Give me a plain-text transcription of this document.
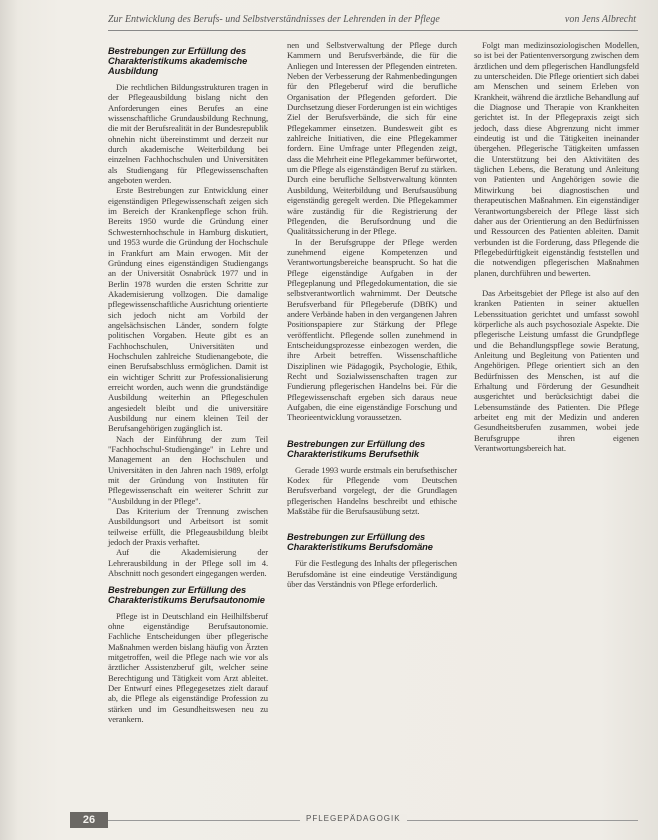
Zur Entwicklung des Berufs- und Selbstverständnisses der Lehrenden in der Pflege	von Jens Albrecht
Bestrebungen zur Erfüllung des Charakteristikums akademische Ausbildung

Die rechtlichen Bildungsstrukturen tragen in der Pflegeausbildung bislang nicht den Anforderungen eines Berufes an eine wissenschaftliche Grundausbildung Rechnung, die mit der Berufsrealität in der Bundesrepublik ohnehin nicht übereinstimmt und derzeit nur durch akademische Weiterbildung bei einzelnen Fachhochschulen und Universitäten als Studiengang für Pflegewissenschaften angeboten werden.

Erste Bestrebungen zur Entwicklung einer eigenständigen Pflegewissenschaft zeigen sich im Bereich der Krankenpflege schon früh. Bereits 1950 wurde die Gründung einer Schwesternhochschule in Hamburg diskutiert, und 1953 wurde die Gründung der Hochschule in Frankfurt am Main erwogen. Mit der Gründung eines eigenständigen Studiengangs an der Universität Osnabrück 1977 und in Berlin 1978 wurden die ersten Schritte zur Akademisierung vollzogen. Die damalige pflegewissenschaftliche Ausrichtung orientierte sich jedoch nicht am Vorbild der angelsächsischen Länder, sondern folgte politischen Vorgaben. Heute gibt es an Fachhochschulen, Universitäten und Hochschulen zahlreiche Studienangebote, die einen Berufsabschluss ermöglichen. Damit ist ein wichtiger Schritt zur Professionalisierung erreicht worden, auch wenn die grundständige Ausbildung weiterhin an Pflegeschulen angesiedelt bleibt und die universitäre Ausbildung nur einem kleinen Teil der Berufsangehörigen zugänglich ist.

Nach der Einführung der zum Teil "Fachhochschul-Studiengänge" in Lehre und Management an den Hochschulen und Universitäten in den Jahren nach 1989, erfolgt mit der Gründung von Instituten für Pflegewissenschaft ein weiterer Schritt zur "Ausbildung in der Pflege".

Das Kriterium der Trennung zwischen Ausbildungsort und Arbeitsort ist somit teilweise erfüllt, die Pflegeausbildung bleibt jedoch der Praxis verhaftet.

Auf die Akademisierung der Lehrerausbildung in der Pflege soll im 4. Abschnitt noch gesondert eingegangen werden.

Bestrebungen zur Erfüllung des Charakteristikums Berufsautonomie

Pflege ist in Deutschland ein Heilhilfsberuf ohne eigenständige Berufsautonomie. Fachliche Entscheidungen über pflegerische Maßnahmen werden bislang häufig von Ärzten mitgetroffen, weil die Pflege nach wie vor als ärztlicher Assistenzberuf gilt, welcher seine Berechtigung und Tätigkeit vom Arzt ableitet. Der Entwurf eines Pflegegesetzes zielt darauf ab, die Pflege als eigenständige Profession zu stärken und im Gesundheitswesen neu zu verankern.

nen und Selbstverwaltung der Pflege durch Kammern und Berufsverbände, die für die Anliegen und Interessen der Pflegenden eintreten. Neben der Verbesserung der Rahmenbedingungen für den Pflegeberuf wird die berufliche Organisation der Pflegenden gefordert. Die Durchsetzung dieser Forderungen ist ein wichtiges Ziel der Berufsverbände, die sich für eine Pflegekammer einsetzen. Bundesweit gibt es zahlreiche Initiativen, die eine Pflegekammer fordern. Eine Umfrage unter Pflegenden zeigt, dass die Mehrheit eine Pflegekammer befürwortet, um die Pflege als eigenständigen Beruf zu stärken. Durch eine berufliche Selbstverwaltung könnten Ausbildung, Weiterbildung und Berufsausübung eigenständig geregelt werden. Die Pflegekammer wäre zuständig für die Registrierung der Pflegenden, die Berufsordnung und die Qualitätssicherung in der Pflege.

In der Berufsgruppe der Pflege werden zunehmend eigene Kompetenzen und Verantwortungsbereiche beansprucht. So hat die Pflege eigenständige Aufgaben in der Pflegeplanung und Pflegedokumentation, die sie selbstverantwortlich wahrnimmt. Der Deutsche Berufsverband für Pflegeberufe (DBfK) und andere Verbände haben in den vergangenen Jahren Positionspapiere zur Stärkung der Pflege veröffentlicht. Pflegende sollen zunehmend in Entscheidungsprozesse einbezogen werden, die ihre Arbeit betreffen. Wissenschaftliche Disziplinen wie Pädagogik, Psychologie, Ethik, Recht und Sozialwissenschaften tragen zur Fundierung pflegerischen Handelns bei. Für die Pflegewissenschaft ergeben sich daraus neue Aufgaben, die eine eigenständige Forschung und Theorieentwicklung voraussetzen.

Bestrebungen zur Erfüllung des Charakteristikums Berufsethik

Gerade 1993 wurde erstmals ein berufsethischer Kodex für Pflegende vom Deutschen Berufsverband vorgelegt, der die Grundlagen pflegerischen Handelns beschreibt und ethische Maßstäbe für die Berufsausübung setzt.

Bestrebungen zur Erfüllung des Charakteristikums Berufsdomäne

Für die Festlegung des Inhalts der pflegerischen Berufsdomäne ist eine eindeutige Verständigung über das Verständnis von Pflege erforderlich.

Folgt man medizinsoziologischen Modellen, so ist bei der Patientenversorgung zwischen dem ärztlichen und dem pflegerischen Handlungsfeld zu unterscheiden. Die Pflege orientiert sich dabei am Menschen und seinem Erleben von Krankheit, während die ärztliche Behandlung auf die Diagnose und Therapie von Krankheiten gerichtet ist. In der Pflegepraxis zeigt sich jedoch, dass diese Abgrenzung nicht immer eindeutig ist und die Tätigkeiten ineinander übergehen. Pflegerische Tätigkeiten umfassen die Unterstützung bei den Aktivitäten des täglichen Lebens, die Beratung und Anleitung von Patienten und Angehörigen sowie die Mitwirkung bei diagnostischen und therapeutischen Maßnahmen. Ein eigenständiger Verantwortungsbereich der Pflege lässt sich daher aus der Orientierung an den Bedürfnissen und Ressourcen des Patienten ableiten. Damit verbunden ist die Forderung, dass Pflegende die Pflegebedürftigkeit eigenständig feststellen und die notwendigen pflegerischen Maßnahmen planen, durchführen und bewerten.

Das Arbeitsgebiet der Pflege ist also auf den kranken Patienten in seiner aktuellen Lebenssituation gerichtet und umfasst sowohl körperliche als auch psychosoziale Aspekte. Die pflegerische Leistung umfasst die Grundpflege und die Behandlungspflege sowie Beratung, Anleitung und Begleitung von Patienten und Angehörigen. Pflege orientiert sich an den Bedürfnissen des Menschen, ist auf die Erhaltung und Förderung der Gesundheit ausgerichtet und berücksichtigt dabei die Lebensumstände des Patienten. Die Pflege arbeitet eng mit der Medizin und anderen Gesundheitsberufen zusammen, wobei jede Berufsgruppe ihren eigenen Verantwortungsbereich hat.

26	PFLEGEPÄDAGOGIK
